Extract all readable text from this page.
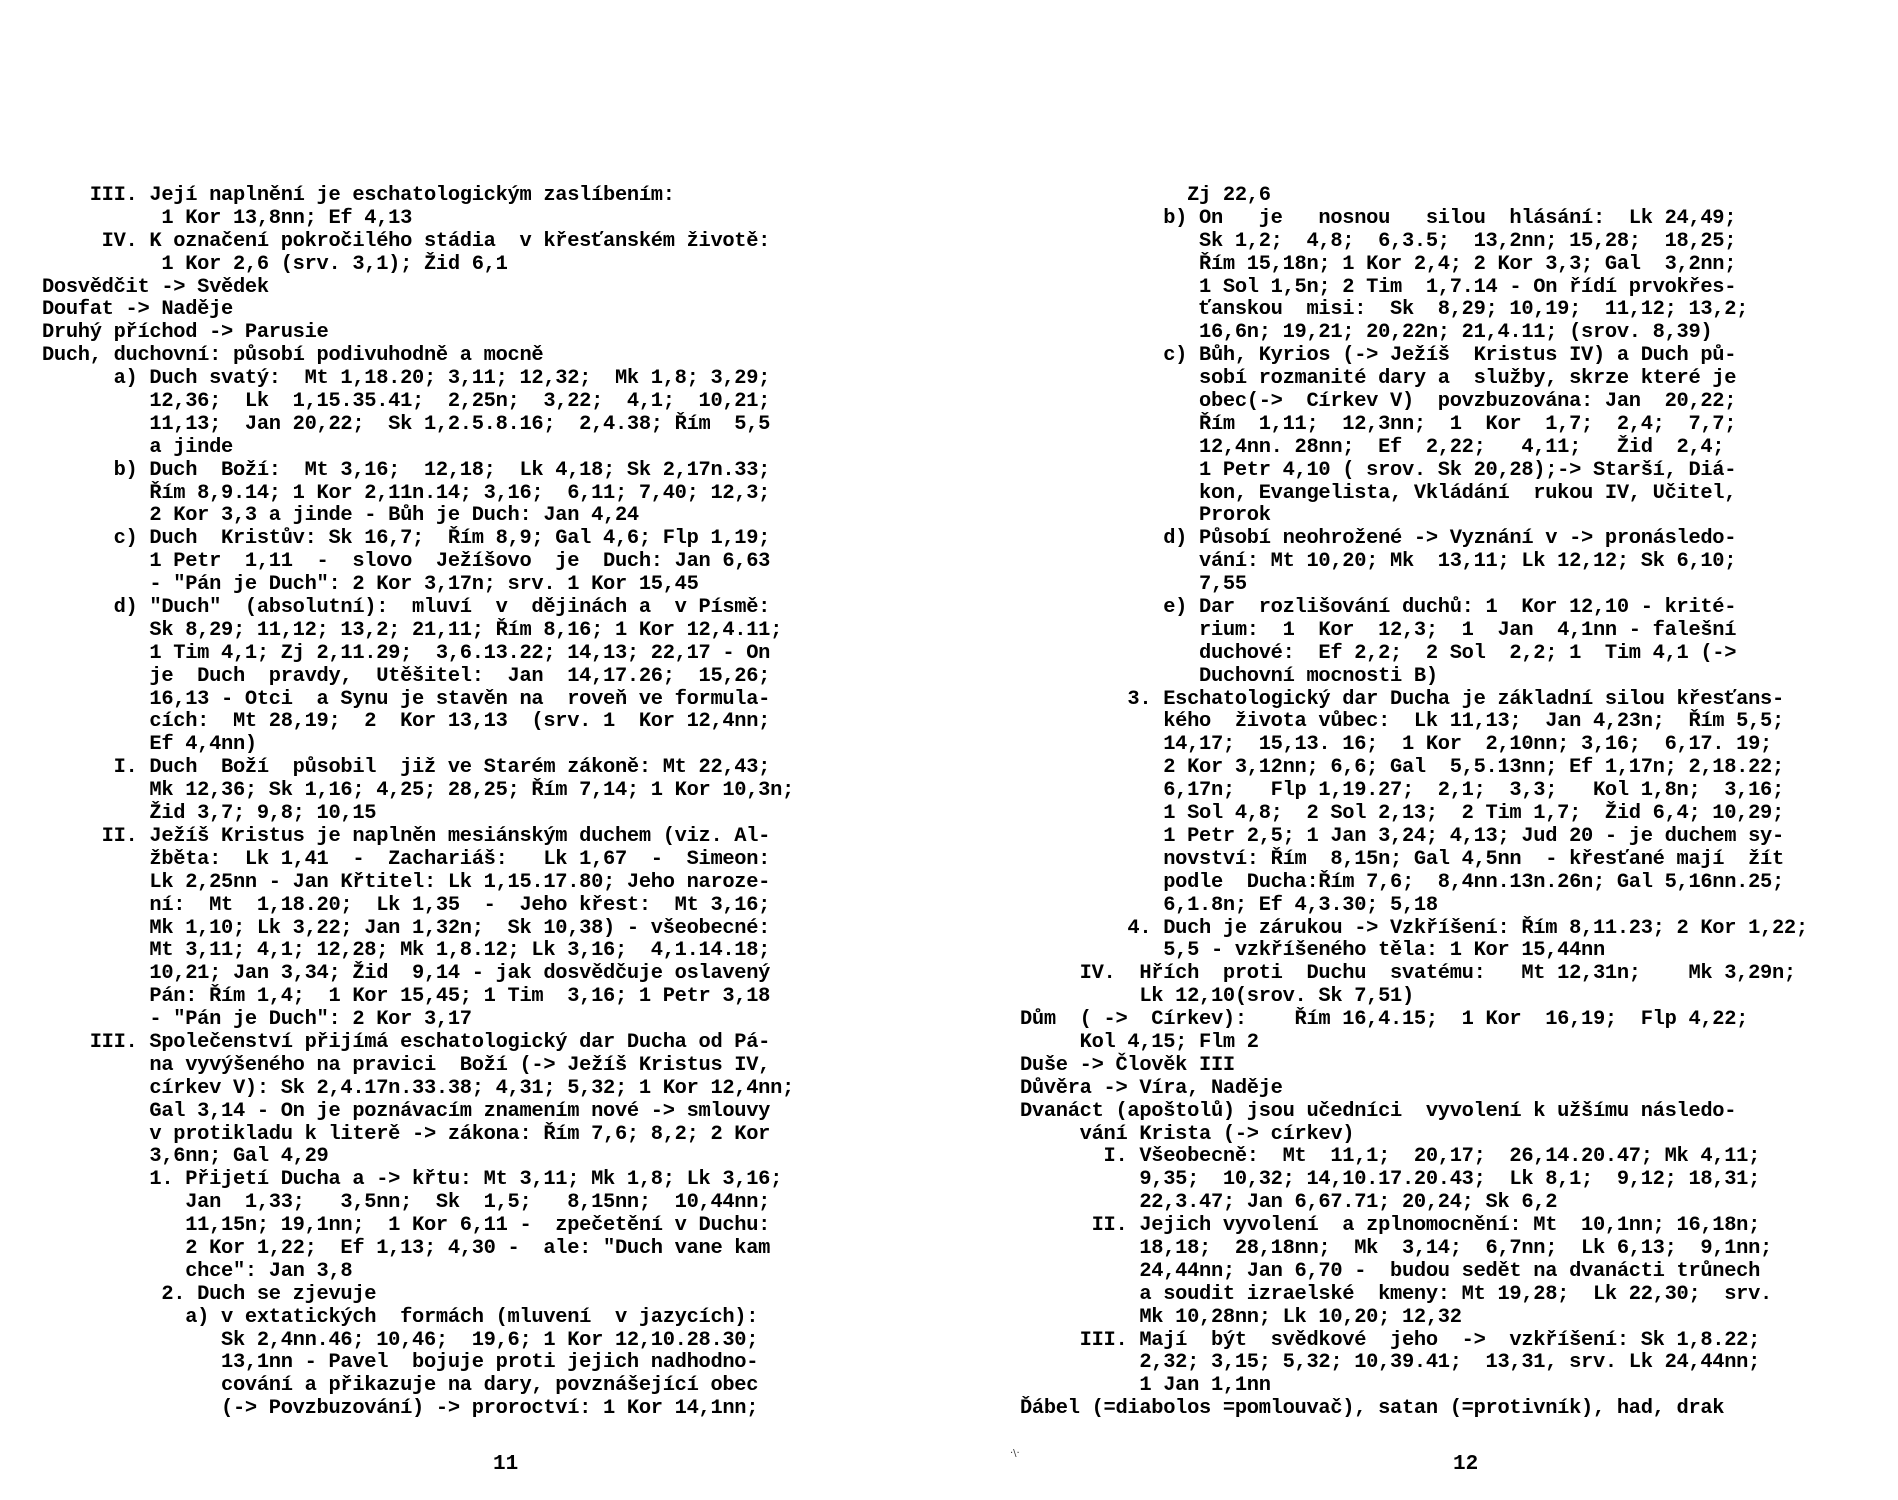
III. Její naplnění je eschatologickým zaslíbením:
1 Kor 13,8nn; Ef 4,13
IV. K označení pokročilého stádia  v křesťanském životě:
1 Kor 2,6 (srv. 3,1); Žid 6,1
Dosvědčit -> Svědek
Doufat -> Naděje
Druhý příchod -> Parusie
Duch, duchovní: působí podivuhodně a mocně
a) Duch svatý:  Mt 1,18.20; 3,11; 12,32;  Mk 1,8; 3,29;
12,36;  Lk  1,15.35.41;  2,25n;  3,22;  4,1;  10,21;
11,13;  Jan 20,22;  Sk 1,2.5.8.16;  2,4.38; Řím  5,5
a jinde
b) Duch  Boží:  Mt 3,16;  12,18;  Lk 4,18; Sk 2,17n.33;
Řím 8,9.14; 1 Kor 2,11n.14; 3,16;  6,11; 7,40; 12,3;
2 Kor 3,3 a jinde - Bůh je Duch: Jan 4,24
c) Duch  Kristův: Sk 16,7;  Řím 8,9; Gal 4,6; Flp 1,19;
1 Petr  1,11  -  slovo  Ježíšovo  je  Duch: Jan 6,63
- "Pán je Duch": 2 Kor 3,17n; srv. 1 Kor 15,45
d) "Duch"  (absolutní):  mluví  v  dějinách a  v Písmě:
Sk 8,29; 11,12; 13,2; 21,11; Řím 8,16; 1 Kor 12,4.11;
1 Tim 4,1; Zj 2,11.29;  3,6.13.22; 14,13; 22,17 - On
je  Duch  pravdy,  Utěšitel:  Jan  14,17.26;  15,26;
16,13 - Otci  a Synu je stavěn na  roveň ve formula-
cích:  Mt 28,19;  2  Kor 13,13  (srv. 1  Kor 12,4nn;
Ef 4,4nn)
I. Duch  Boží  působil  již ve Starém zákoně: Mt 22,43;
Mk 12,36; Sk 1,16; 4,25; 28,25; Řím 7,14; 1 Kor 10,3n;
Žid 3,7; 9,8; 10,15
II. Ježíš Kristus je naplněn mesiánským duchem (viz. Al-
žběta:  Lk 1,41  -  Zachariáš:   Lk 1,67  -  Simeon:
Lk 2,25nn - Jan Křtitel: Lk 1,15.17.80; Jeho naroze-
ní:  Mt  1,18.20;  Lk 1,35  -  Jeho křest:  Mt 3,16;
Mk 1,10; Lk 3,22; Jan 1,32n;  Sk 10,38) - všeobecné:
Mt 3,11; 4,1; 12,28; Mk 1,8.12; Lk 3,16;  4,1.14.18;
10,21; Jan 3,34; Žid  9,14 - jak dosvědčuje oslavený
Pán: Řím 1,4;  1 Kor 15,45; 1 Tim  3,16; 1 Petr 3,18
- "Pán je Duch": 2 Kor 3,17
III. Společenství přijímá eschatologický dar Ducha od Pá-
na vyvýšeného na pravici  Boží (-> Ježíš Kristus IV,
církev V): Sk 2,4.17n.33.38; 4,31; 5,32; 1 Kor 12,4nn;
Gal 3,14 - On je poznávacím znamením nové -> smlouvy
v protikladu k literě -> zákona: Řím 7,6; 8,2; 2 Kor
3,6nn; Gal 4,29
1. Přijetí Ducha a -> křtu: Mt 3,11; Mk 1,8; Lk 3,16;
Jan  1,33;   3,5nn;  Sk  1,5;   8,15nn;  10,44nn;
11,15n; 19,1nn;  1 Kor 6,11 -  zpečetění v Duchu:
2 Kor 1,22;  Ef 1,13; 4,30 -  ale: "Duch vane kam
chce": Jan 3,8
2. Duch se zjevuje
a) v extatických  formách (mluvení  v jazycích):
Sk 2,4nn.46; 10,46;  19,6; 1 Kor 12,10.28.30;
13,1nn - Pavel  bojuje proti jejich nadhodno-
cování a přikazuje na dary, povznášející obec
(-> Povzbuzování) -> proroctví: 1 Kor 14,1nn;
11
Zj 22,6
b) On   je   nosnou   silou  hlásání:  Lk 24,49;
Sk 1,2;  4,8;  6,3.5;  13,2nn; 15,28;  18,25;
Řím 15,18n; 1 Kor 2,4; 2 Kor 3,3; Gal  3,2nn;
1 Sol 1,5n; 2 Tim  1,7.14 - On řídí prvokřes-
ťanskou  misi:  Sk  8,29; 10,19;  11,12; 13,2;
16,6n; 19,21; 20,22n; 21,4.11; (srov. 8,39)
c) Bůh, Kyrios (-> Ježíš  Kristus IV) a Duch pů-
sobí rozmanité dary a  služby, skrze které je
obec(->  Církev V)  povzbuzována: Jan  20,22;
Řím  1,11;  12,3nn;  1  Kor  1,7;  2,4;  7,7;
12,4nn. 28nn;  Ef  2,22;   4,11;   Žid  2,4;
1 Petr 4,10 ( srov. Sk 20,28);-> Starší, Diá-
kon, Evangelista, Vkládání  rukou IV, Učitel,
Prorok
d) Působí neohrožené -> Vyznání v -> pronásledo-
vání: Mt 10,20; Mk  13,11; Lk 12,12; Sk 6,10;
7,55
e) Dar  rozlišování duchů: 1  Kor 12,10 - krité-
rium:  1  Kor  12,3;  1  Jan  4,1nn - falešní
duchové:  Ef 2,2;  2 Sol  2,2; 1  Tim 4,1 (->
Duchovní mocnosti B)
3. Eschatologický dar Ducha je základní silou křesťans-
kého  života vůbec:  Lk 11,13;  Jan 4,23n;  Řím 5,5;
14,17;  15,13. 16;  1 Kor  2,10nn; 3,16;  6,17. 19;
2 Kor 3,12nn; 6,6; Gal  5,5.13nn; Ef 1,17n; 2,18.22;
6,17n;   Flp 1,19.27;  2,1;  3,3;   Kol 1,8n;  3,16;
1 Sol 4,8;  2 Sol 2,13;  2 Tim 1,7;  Žid 6,4; 10,29;
1 Petr 2,5; 1 Jan 3,24; 4,13; Jud 20 - je duchem sy-
novství: Řím  8,15n; Gal 4,5nn  - křesťané mají  žít
podle  Ducha:Řím 7,6;  8,4nn.13n.26n; Gal 5,16nn.25;
6,1.8n; Ef 4,3.30; 5,18
4. Duch je zárukou -> Vzkříšení: Řím 8,11.23; 2 Kor 1,22;
5,5 - vzkříšeného těla: 1 Kor 15,44nn
IV.  Hřích  proti  Duchu  svatému:   Mt 12,31n;    Mk 3,29n;
Lk 12,10(srov. Sk 7,51)
Dům  ( ->  Církev):    Řím 16,4.15;  1 Kor  16,19;  Flp 4,22;
Kol 4,15; Flm 2
Duše -> Člověk III
Důvěra -> Víra, Naděje
Dvanáct (apoštolů) jsou učedníci  vyvolení k užšímu následo-
vání Krista (-> církev)
I. Všeobecně:  Mt  11,1;  20,17;  26,14.20.47; Mk 4,11;
9,35;  10,32; 14,10.17.20.43;  Lk 8,1;  9,12; 18,31;
22,3.47; Jan 6,67.71; 20,24; Sk 6,2
II. Jejich vyvolení  a zplnomocnění: Mt  10,1nn; 16,18n;
18,18;  28,18nn;  Mk  3,14;  6,7nn;  Lk 6,13;  9,1nn;
24,44nn; Jan 6,70 -  budou sedět na dvanácti trůnech
a soudit izraelské  kmeny: Mt 19,28;  Lk 22,30;  srv.
Mk 10,28nn; Lk 10,20; 12,32
III. Mají  být  svědkové  jeho  ->  vzkříšení: Sk 1,8.22;
2,32; 3,15; 5,32; 10,39.41;  13,31, srv. Lk 24,44nn;
1 Jan 1,1nn
Ďábel (=diabolos =pomlouvač), satan (=protivník), had, drak
12
·\·
